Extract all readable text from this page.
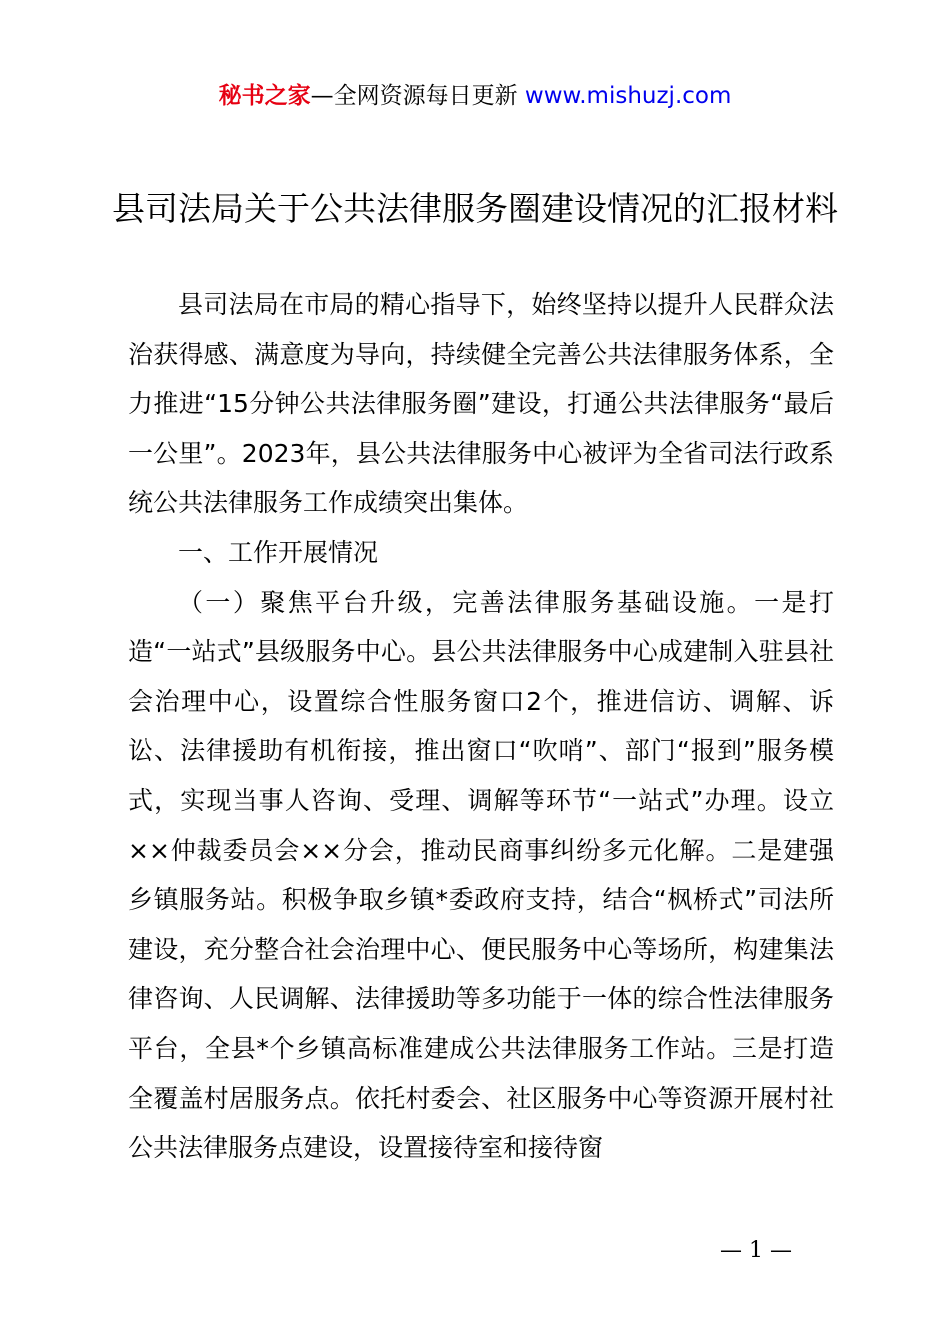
秘书之家—全网资源每日更新 www.mishuzj.com
县司法局关于公共法律服务圈建设情况的汇报材料

县司法局在市局的精心指导下，始终坚持以提升人民群众法治获得感、满意度为导向，持续健全完善公共法律服务体系，全力推进“15分钟公共法律服务圈”建设，打通公共法律服务“最后一公里”。2023年，县公共法律服务中心被评为全省司法行政系统公共法律服务工作成绩突出集体。

一、工作开展情况

（一）聚焦平台升级，完善法律服务基础设施。一是打造“一站式”县级服务中心。县公共法律服务中心成建制入驻县社会治理中心，设置综合性服务窗口2个，推进信访、调解、诉讼、法律援助有机衔接，推出窗口“吹哨”、部门“报到”服务模式，实现当事人咨询、受理、调解等环节“一站式”办理。设立××仲裁委员会××分会，推动民商事纠纷多元化解。二是建强乡镇服务站。积极争取乡镇*委政府支持，结合“枫桥式”司法所建设，充分整合社会治理中心、便民服务中心等场所，构建集法律咨询、人民调解、法律援助等多功能于一体的综合性法律服务平台，全县*个乡镇高标准建成公共法律服务工作站。三是打造全覆盖村居服务点。依托村委会、社区服务中心等资源开展村社公共法律服务点建设，设置接待室和接待窗

— 1 —
